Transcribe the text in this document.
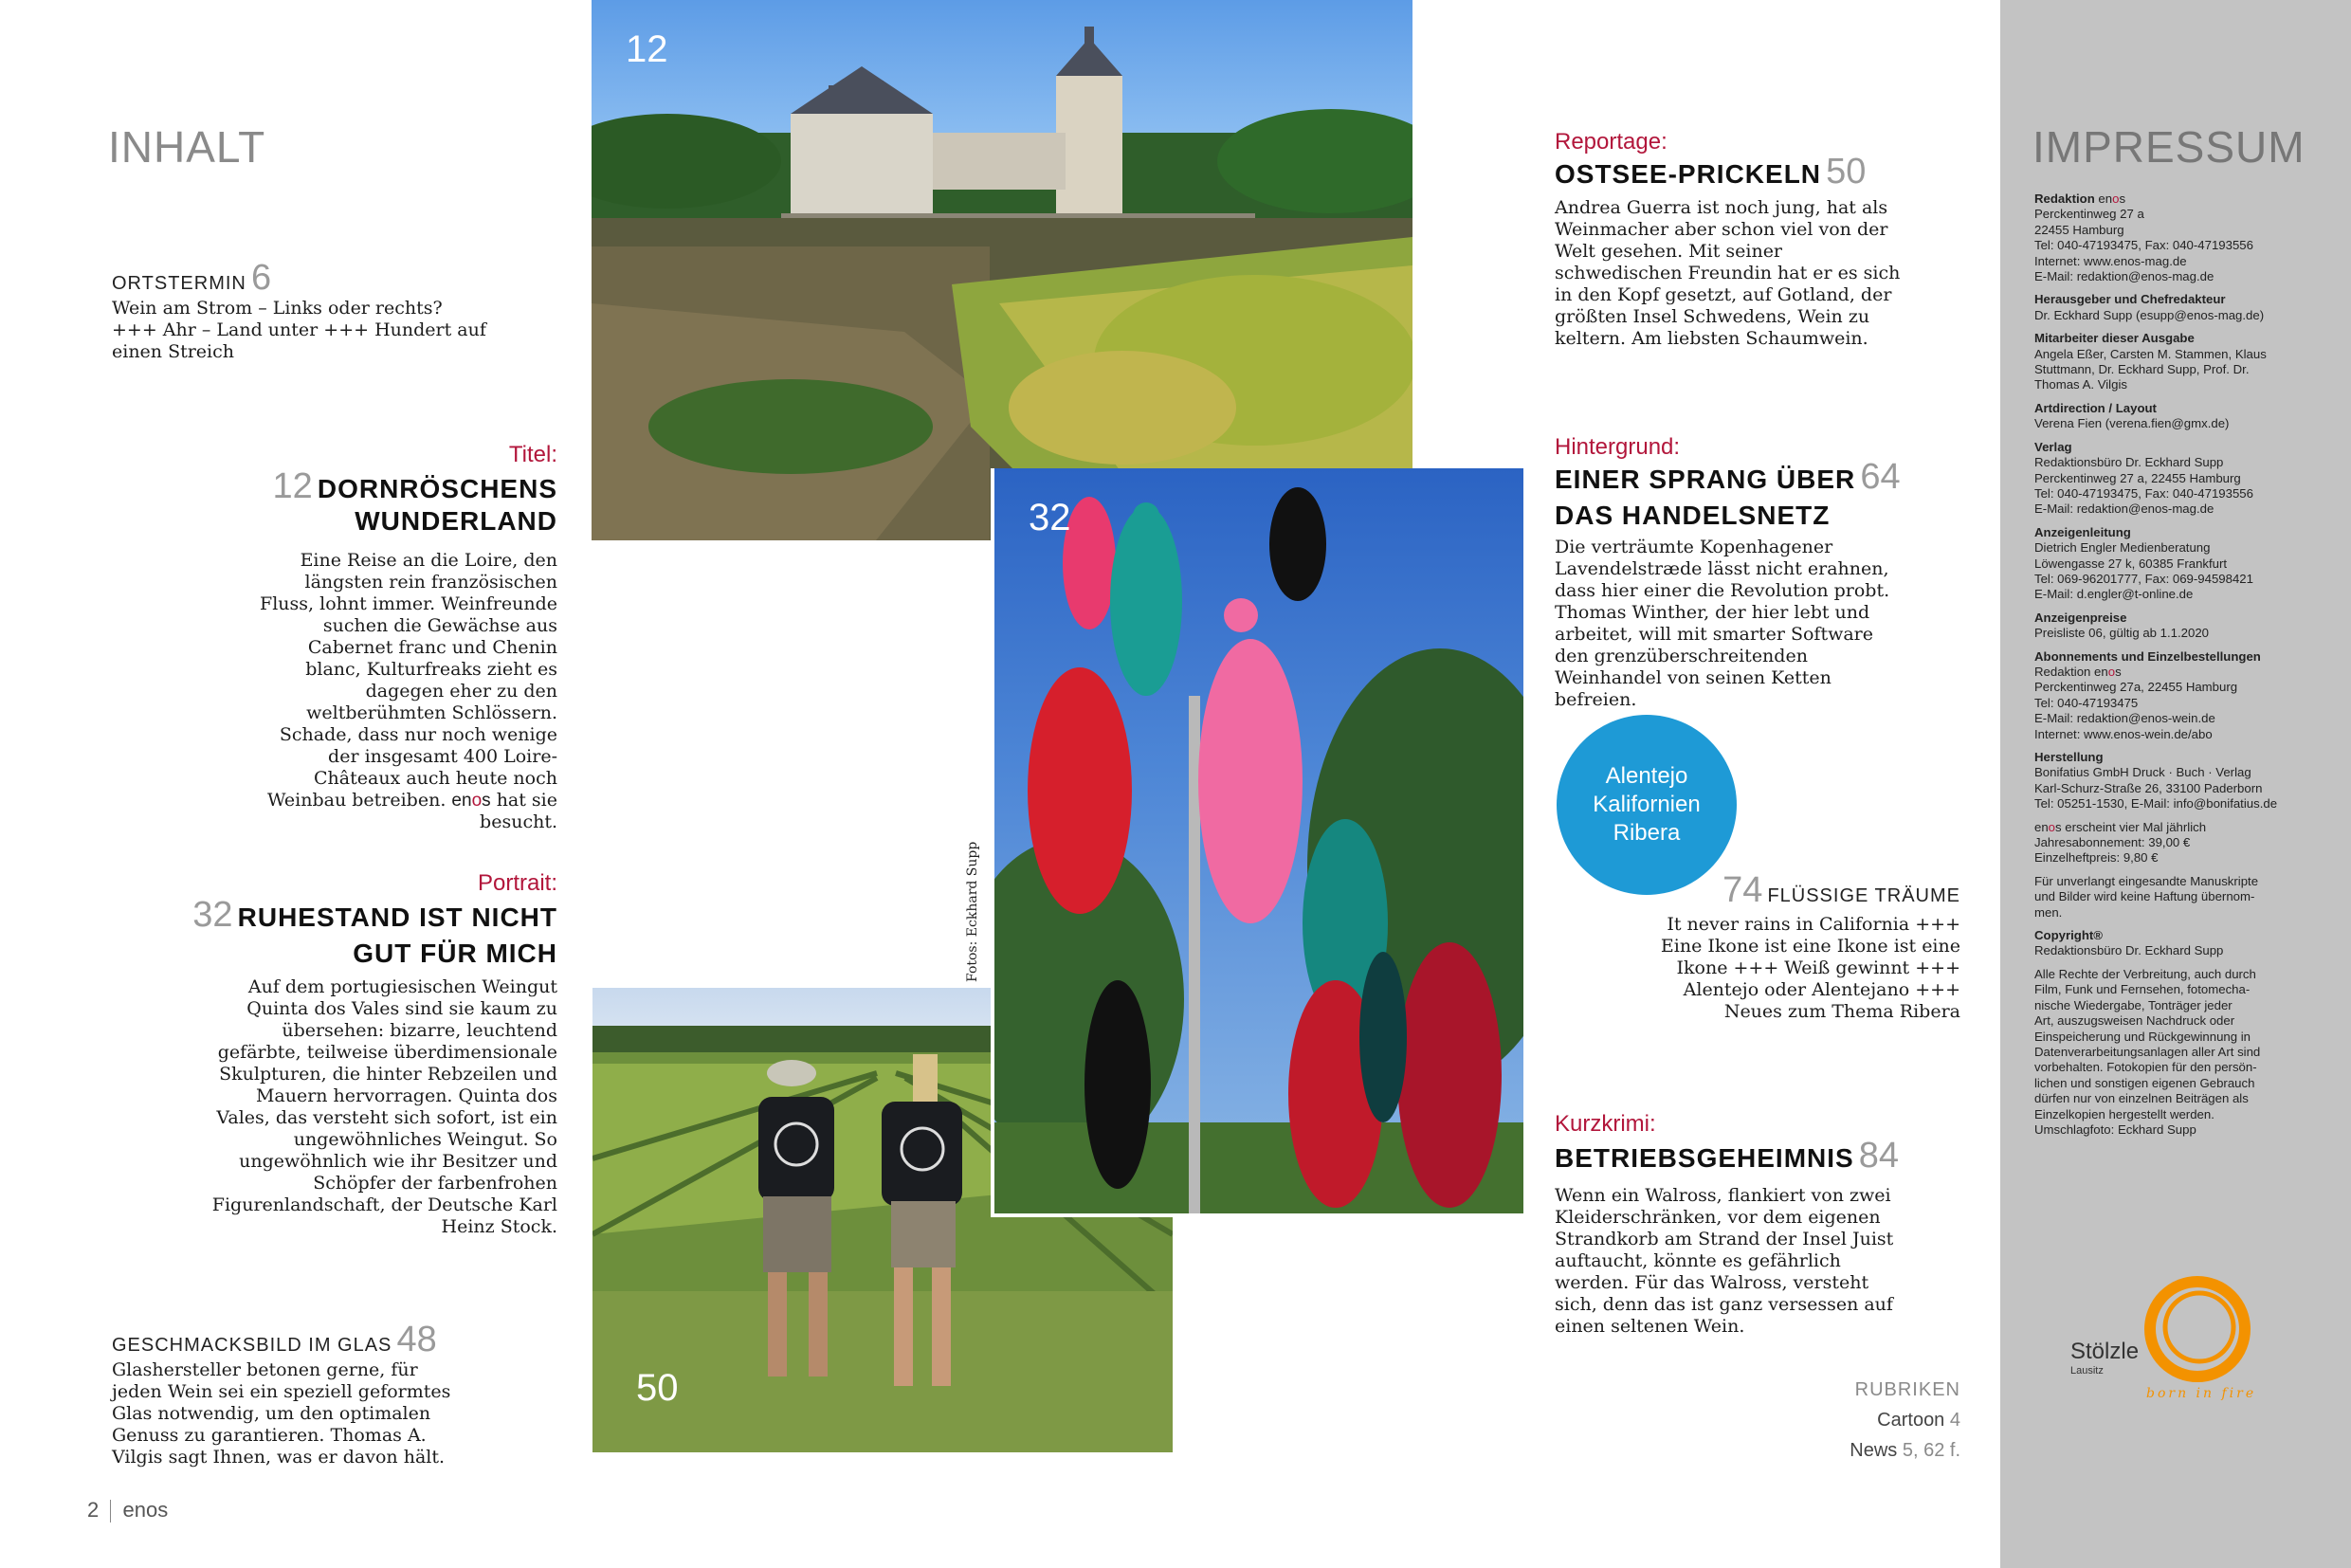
INHALT
ORTSTERMIN 6
Wein am Strom – Links oder rechts? +++ Ahr – Land unter +++ Hundert auf einen Streich
Titel:
12 DORNRÖSCHENS
WUNDERLAND
Eine Reise an die Loire, den längsten rein französischen Fluss, lohnt immer. Weinfreunde suchen die Gewächse aus Cabernet franc und Chenin blanc, Kulturfreaks zieht es dagegen eher zu den weltberühmten Schlössern. Schade, dass nur noch wenige der insgesamt 400 Loire-Châteaux auch heute noch Weinbau betreiben. enos hat sie besucht.
Portrait:
32 RUHESTAND IST NICHT
GUT FÜR MICH
Auf dem portugiesischen Weingut Quinta dos Vales sind sie kaum zu übersehen: bizarre, leuchtend gefärbte, teilweise überdimensionale Skulpturen, die hinter Rebzeilen und Mauern hervorragen. Quinta dos Vales, das versteht sich sofort, ist ein ungewöhnliches Weingut. So ungewöhnlich wie ihr Besitzer und Schöpfer der farbenfrohen Figurenlandschaft, der Deutsche Karl Heinz Stock.
GESCHMACKSBILD IM GLAS 48
Glashersteller betonen gerne, für jeden Wein sei ein speziell geformtes Glas notwendig, um den optimalen Genuss zu garantieren. Thomas A. Vilgis sagt Ihnen, was er davon hält.
2 enos
12
50
32
Fotos: Eckhard Supp
Reportage:
OSTSEE-PRICKELN 50
Andrea Guerra ist noch jung, hat als Weinmacher aber schon viel von der Welt gesehen. Mit seiner schwedischen Freundin hat er es sich in den Kopf gesetzt, auf Gotland, der größten Insel Schwedens, Wein zu keltern. Am liebsten Schaumwein.
Hintergrund:
EINER SPRANG ÜBER 64
DAS HANDELSNETZ
Die verträumte Kopenhagener Lavendelstræde lässt nicht erahnen, dass hier einer die Revolution probt. Thomas Winther, der hier lebt und arbeitet, will mit smarter Software den grenzüberschreitenden Weinhandel von seinen Ketten befreien.
Alentejo
Kalifornien
Ribera
74 FLÜSSIGE TRÄUME
It never rains in California +++ Eine Ikone ist eine Ikone ist eine Ikone +++ Weiß gewinnt +++ Alentejo oder Alentejano +++ Neues zum Thema Ribera
Kurzkrimi:
BETRIEBSGEHEIMNIS 84
Wenn ein Walross, flankiert von zwei Kleiderschränken, vor dem eigenen Strandkorb am Strand der Insel Juist auftaucht, könnte es gefährlich werden. Für das Walross, versteht sich, denn das ist ganz versessen auf einen seltenen Wein.
RUBRIKEN
Cartoon 4
News 5, 62 f.
IMPRESSUM
Redaktion enos
Perckentinweg 27 a
22455 Hamburg
Tel: 040-47193475, Fax: 040-47193556
Internet: www.enos-mag.de
E-Mail: redaktion@enos-mag.de
Herausgeber und Chefredakteur
Dr. Eckhard Supp (esupp@enos-mag.de)
Mitarbeiter dieser Ausgabe
Angela Eßer, Carsten M. Stammen, Klaus
Stuttmann, Dr. Eckhard Supp, Prof. Dr.
Thomas A. Vilgis
Artdirection / Layout
Verena Fien (verena.fien@gmx.de)
Verlag
Redaktionsbüro Dr. Eckhard Supp
Perckentinweg 27 a, 22455 Hamburg
Tel: 040-47193475, Fax: 040-47193556
E-Mail: redaktion@enos-mag.de
Anzeigenleitung
Dietrich Engler Medienberatung
Löwengasse 27 k, 60385 Frankfurt
Tel: 069-96201777, Fax: 069-94598421
E-Mail: d.engler@t-online.de
Anzeigenpreise
Preisliste 06, gültig ab 1.1.2020
Abonnements und Einzelbestellungen
Redaktion enos
Perckentinweg 27a, 22455 Hamburg
Tel: 040-47193475
E-Mail: redaktion@enos-wein.de
Internet: www.enos-wein.de/abo
Herstellung
Bonifatius GmbH Druck · Buch · Verlag
Karl-Schurz-Straße 26, 33100 Paderborn
Tel: 05251-1530, E-Mail: info@bonifatius.de
enos erscheint vier Mal jährlich
Jahresabonnement: 39,00 €
Einzelheftpreis: 9,80 €
Für unverlangt eingesandte Manuskripte
und Bilder wird keine Haftung übernom-
men.
Copyright®
Redaktionsbüro Dr. Eckhard Supp
Alle Rechte der Verbreitung, auch durch
Film, Funk und Fernsehen, fotomecha-
nische Wiedergabe, Tonträger jeder
Art, auszugsweisen Nachdruck oder
Einspeicherung und Rückgewinnung in
Datenverarbeitungsanlagen aller Art sind
vorbehalten. Fotokopien für den persön-
lichen und sonstigen eigenen Gebrauch
dürfen nur von einzelnen Beiträgen als
Einzelkopien hergestellt werden.
Umschlagfoto: Eckhard Supp
Stölzle
Lausitz
born in fire
